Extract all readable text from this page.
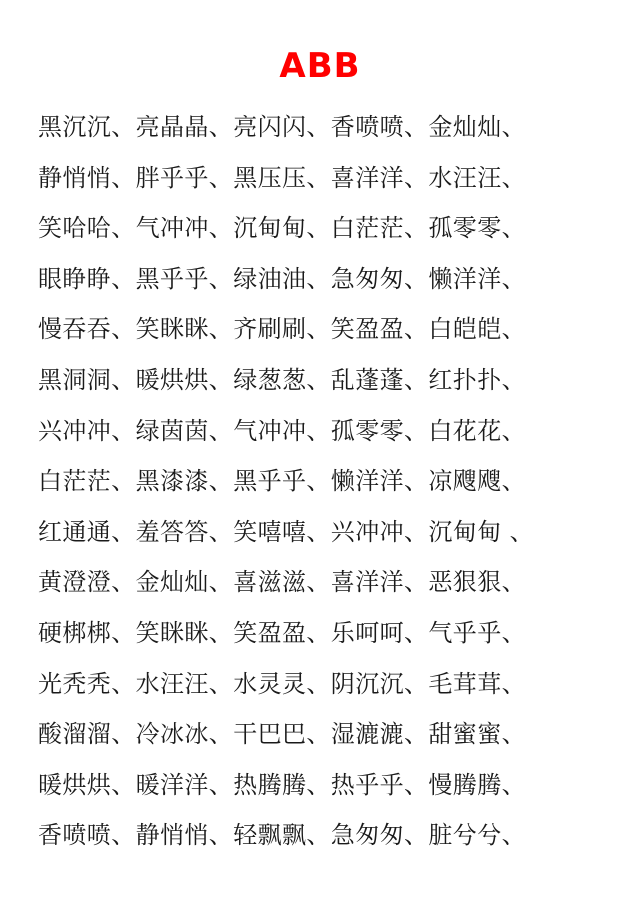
ABB
黑沉沉、亮晶晶、亮闪闪、香喷喷、金灿灿、
静悄悄、胖乎乎、黑压压、喜洋洋、水汪汪、
笑哈哈、气冲冲、沉甸甸、白茫茫、孤零零、
眼睁睁、黑乎乎、绿油油、急匆匆、懒洋洋、
慢吞吞、笑眯眯、齐刷刷、笑盈盈、白皑皑、
黑洞洞、暖烘烘、绿葱葱、乱蓬蓬、红扑扑、
兴冲冲、绿茵茵、气冲冲、孤零零、白花花、
白茫茫、黑漆漆、黑乎乎、懒洋洋、凉飕飕、
红通通、羞答答、笑嘻嘻、兴冲冲、沉甸甸 、
黄澄澄、金灿灿、喜滋滋、喜洋洋、恶狠狠、
硬梆梆、笑眯眯、笑盈盈、乐呵呵、气乎乎、
光秃秃、水汪汪、水灵灵、阴沉沉、毛茸茸、
酸溜溜、冷冰冰、干巴巴、湿漉漉、甜蜜蜜、
暖烘烘、暖洋洋、热腾腾、热乎乎、慢腾腾、
香喷喷、静悄悄、轻飘飘、急匆匆、脏兮兮、
